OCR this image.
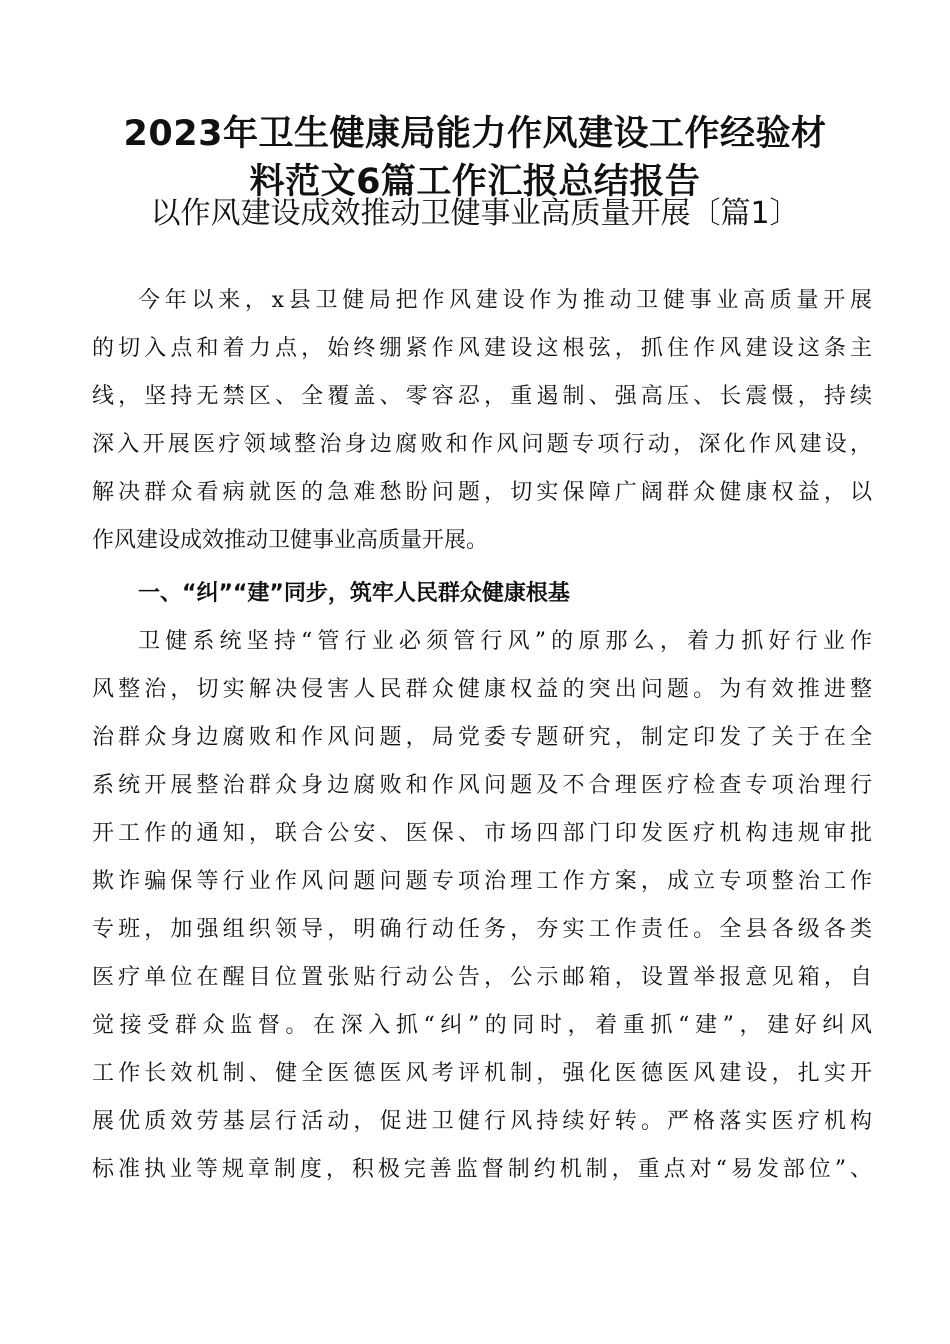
2023年卫生健康局能力作风建设工作经验材
料范文6篇工作汇报总结报告
以作风建设成效推动卫健事业高质量开展〔篇1〕
今年以来，x县卫健局把作风建设作为推动卫健事业高质量开展
的切入点和着力点，始终绷紧作风建设这根弦，抓住作风建设这条主
线，坚持无禁区、全覆盖、零容忍，重遏制、强高压、长震慑，持续
深入开展医疗领域整治身边腐败和作风问题专项行动，深化作风建设，
解决群众看病就医的急难愁盼问题，切实保障广阔群众健康权益，以
作风建设成效推动卫健事业高质量开展。
一、“纠”“建”同步，筑牢人民群众健康根基
卫健系统坚持“管行业必须管行风”的原那么，着力抓好行业作
风整治，切实解决侵害人民群众健康权益的突出问题。为有效推进整
治群众身边腐败和作风问题，局党委专题研究，制定印发了关于在全
系统开展整治群众身边腐败和作风问题及不合理医疗检查专项治理行
开工作的通知，联合公安、医保、市场四部门印发医疗机构违规审批
欺诈骗保等行业作风问题问题专项治理工作方案，成立专项整治工作
专班，加强组织领导，明确行动任务，夯实工作责任。全县各级各类
医疗单位在醒目位置张贴行动公告，公示邮箱，设置举报意见箱，自
觉接受群众监督。在深入抓“纠”的同时，着重抓“建”，建好纠风
工作长效机制、健全医德医风考评机制，强化医德医风建设，扎实开
展优质效劳基层行活动，促进卫健行风持续好转。严格落实医疗机构
标准执业等规章制度，积极完善监督制约机制，重点对“易发部位”、
